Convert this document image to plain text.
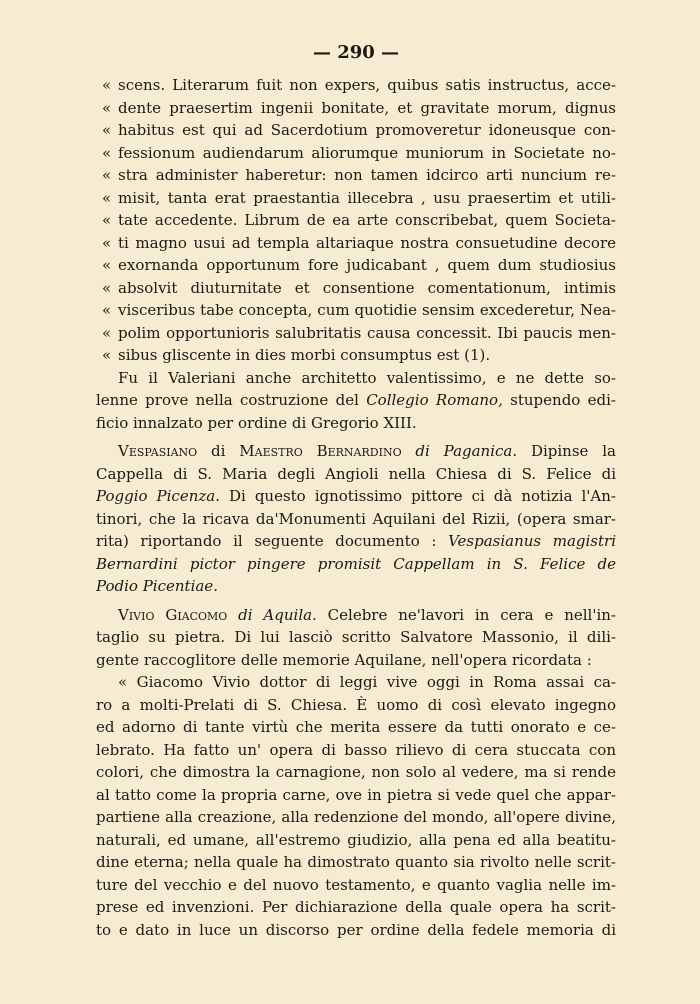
— 290 —
« scens. Literarum fuit non expers, quibus satis instructus, acce-
« dente praesertim ingenii bonitate, et gravitate morum, dignus
« habitus est qui ad Sacerdotium promoveretur idoneusque con-
« fessionum audiendarum aliorumque muniorum in Societate no-
« stra administer haberetur: non tamen idcirco arti nuncium re-
« misit, tanta erat praestantia illecebra , usu praesertim et utili-
« tate accedente. Librum de ea arte conscribebat, quem Societa-
« ti magno usui ad templa altariaque nostra consuetudine decore
« exornanda opportunum fore judicabant , quem dum studiosius
« absolvit diuturnitate et consentione comentationum, intimis
« visceribus tabe concepta, cum quotidie sensim excederetur, Nea-
« polim opportunioris salubritatis causa concessit. Ibi paucis men-
« sibus gliscente in dies morbi consumptus est (1).
Fu il Valeriani anche architetto valentissimo, e ne dette so-
lenne prove nella costruzione del Collegio Romano, stupendo edi-
ficio innalzato per ordine di Gregorio XIII.
Vespasiano di Maestro Bernardino di Paganica. Dipinse la
Cappella di S. Maria degli Angioli nella Chiesa di S. Felice di
Poggio Picenza. Di questo ignotissimo pittore ci dà notizia l'An-
tinori, che la ricava da'Monumenti Aquilani del Rizii, (opera smar-
rita) riportando il seguente documento : Vespasianus magistri
Bernardini pictor pingere promisit Cappellam in S. Felice de
Podio Picentiae.
Vivio Giacomo di Aquila. Celebre ne'lavori in cera e nell'in-
taglio su pietra. Di lui lasciò scritto Salvatore Massonio, il dili-
gente raccoglitore delle memorie Aquilane, nell'opera ricordata :
« Giacomo Vivio dottor di leggi vive oggi in Roma assai ca-
ro a molti-Prelati di S. Chiesa. È uomo di così elevato ingegno
ed adorno di tante virtù che merita essere da tutti onorato e ce-
lebrato. Ha fatto un' opera di basso rilievo di cera stuccata con
colori, che dimostra la carnagione, non solo al vedere, ma si rende
al tatto come la propria carne, ove in pietra si vede quel che appar-
partiene alla creazione, alla redenzione del mondo, all'opere divine,
naturali, ed umane, all'estremo giudizio, alla pena ed alla beatitu-
dine eterna; nella quale ha dimostrato quanto sia rivolto nelle scrit-
ture del vecchio e del nuovo testamento, e quanto vaglia nelle im-
prese ed invenzioni. Per dichiarazione della quale opera ha scrit-
to e dato in luce un discorso per ordine della fedele memoria di
